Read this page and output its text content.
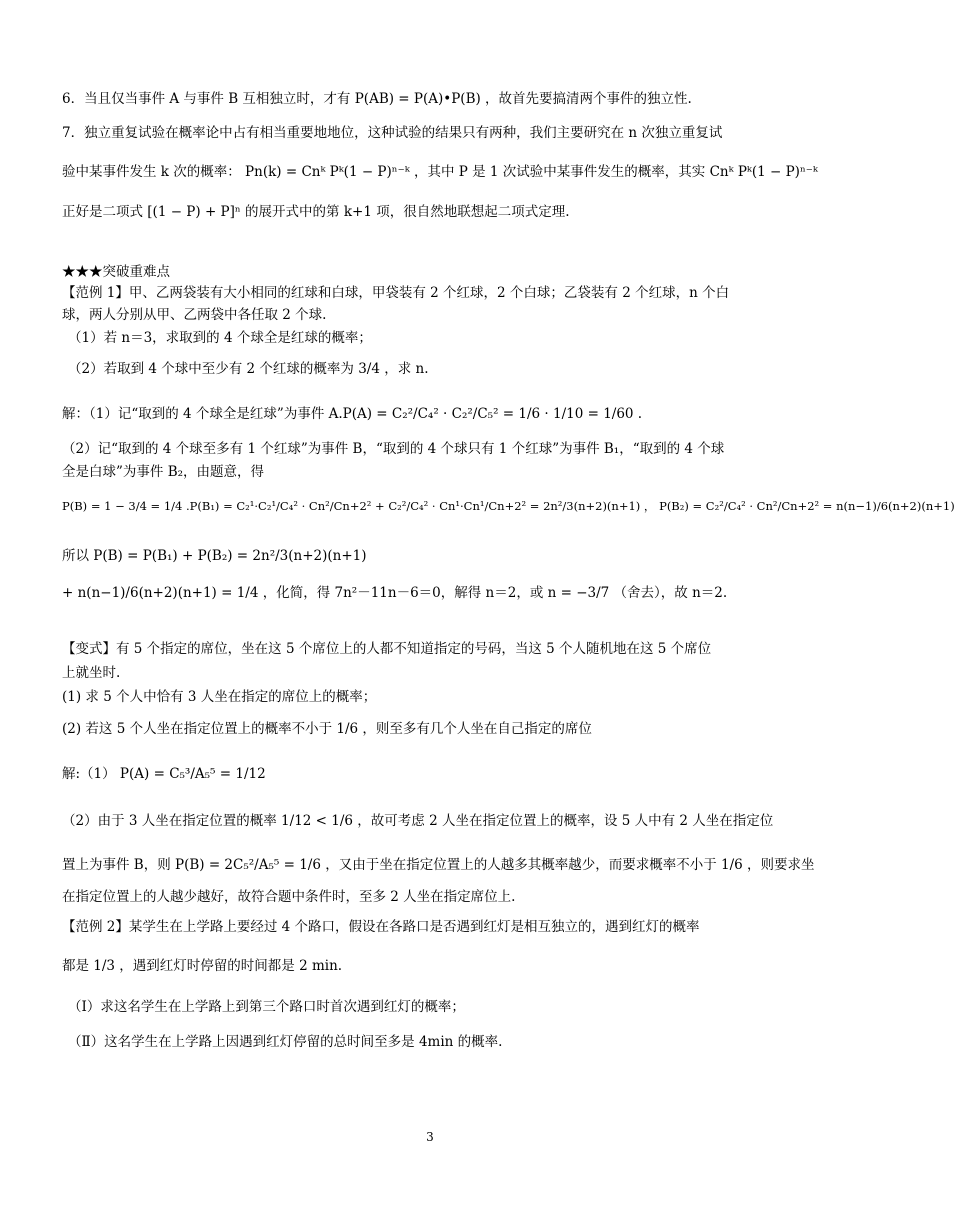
6．当且仅当事件 A 与事件 B 互相独立时，才有 P(AB) = P(A)•P(B) ，故首先要搞清两个事件的独立性.
7．独立重复试验在概率论中占有相当重要地地位，这种试验的结果只有两种，我们主要研究在 n 次独立重复试
验中某事件发生 k 次的概率： Pn(k) = Cnᵏ Pᵏ(1 − P)ⁿ⁻ᵏ ，其中 P 是 1 次试验中某事件发生的概率，其实 Cnᵏ Pᵏ(1 − P)ⁿ⁻ᵏ
正好是二项式 [(1 − P) + P]ⁿ 的展开式中的第 k+1 项，很自然地联想起二项式定理.
★★★突破重难点
【范例 1】甲、乙两袋装有大小相同的红球和白球，甲袋装有 2 个红球，2 个白球；乙袋装有 2 个红球，n 个白
球，两人分别从甲、乙两袋中各任取 2 个球.
（1）若 n＝3，求取到的 4 个球全是红球的概率；
（2）若取到 4 个球中至少有 2 个红球的概率为 3/4 ，求 n.
解：（1）记“取到的 4 个球全是红球”为事件 A.P(A) = C₂²/C₄² · C₂²/C₅² = 1/6 · 1/10 = 1/60 .
（2）记“取到的 4 个球至多有 1 个红球”为事件 B，“取到的 4 个球只有 1 个红球”为事件 B₁，“取到的 4 个球
全是白球”为事件 B₂，由题意，得
P(B) = 1 − 3/4 = 1/4 .P(B₁) = C₂¹·C₂¹/C₄² · Cn²/Cn+2² + C₂²/C₄² · Cn¹·Cn¹/Cn+2² = 2n²/3(n+2)(n+1) ， P(B₂) = C₂²/C₄² · Cn²/Cn+2² = n(n−1)/6(n+2)(n+1)
所以 P(B) = P(B₁) + P(B₂) = 2n²/3(n+2)(n+1)
+ n(n−1)/6(n+2)(n+1) = 1/4 ，化简，得 7n²－11n－6＝0，解得 n＝2，或 n = −3/7 （舍去），故 n＝2.
【变式】有 5 个指定的席位，坐在这 5 个席位上的人都不知道指定的号码，当这 5 个人随机地在这 5 个席位
上就坐时.
(1) 求 5 个人中恰有 3 人坐在指定的席位上的概率；
(2) 若这 5 个人坐在指定位置上的概率不小于 1/6 ，则至多有几个人坐在自己指定的席位
解:（1） P(A) = C₅³/A₅⁵ = 1/12
（2）由于 3 人坐在指定位置的概率 1/12 < 1/6 ，故可考虑 2 人坐在指定位置上的概率，设 5 人中有 2 人坐在指定位
置上为事件 B，则 P(B) = 2C₅²/A₅⁵ = 1/6 ，又由于坐在指定位置上的人越多其概率越少，而要求概率不小于 1/6 ，则要求坐
在指定位置上的人越少越好，故符合题中条件时，至多 2 人坐在指定席位上.
【范例 2】某学生在上学路上要经过 4 个路口，假设在各路口是否遇到红灯是相互独立的，遇到红灯的概率
都是 1/3 ，遇到红灯时停留的时间都是 2 min.
（Ⅰ）求这名学生在上学路上到第三个路口时首次遇到红灯的概率；
（Ⅱ）这名学生在上学路上因遇到红灯停留的总时间至多是 4min 的概率.
3
